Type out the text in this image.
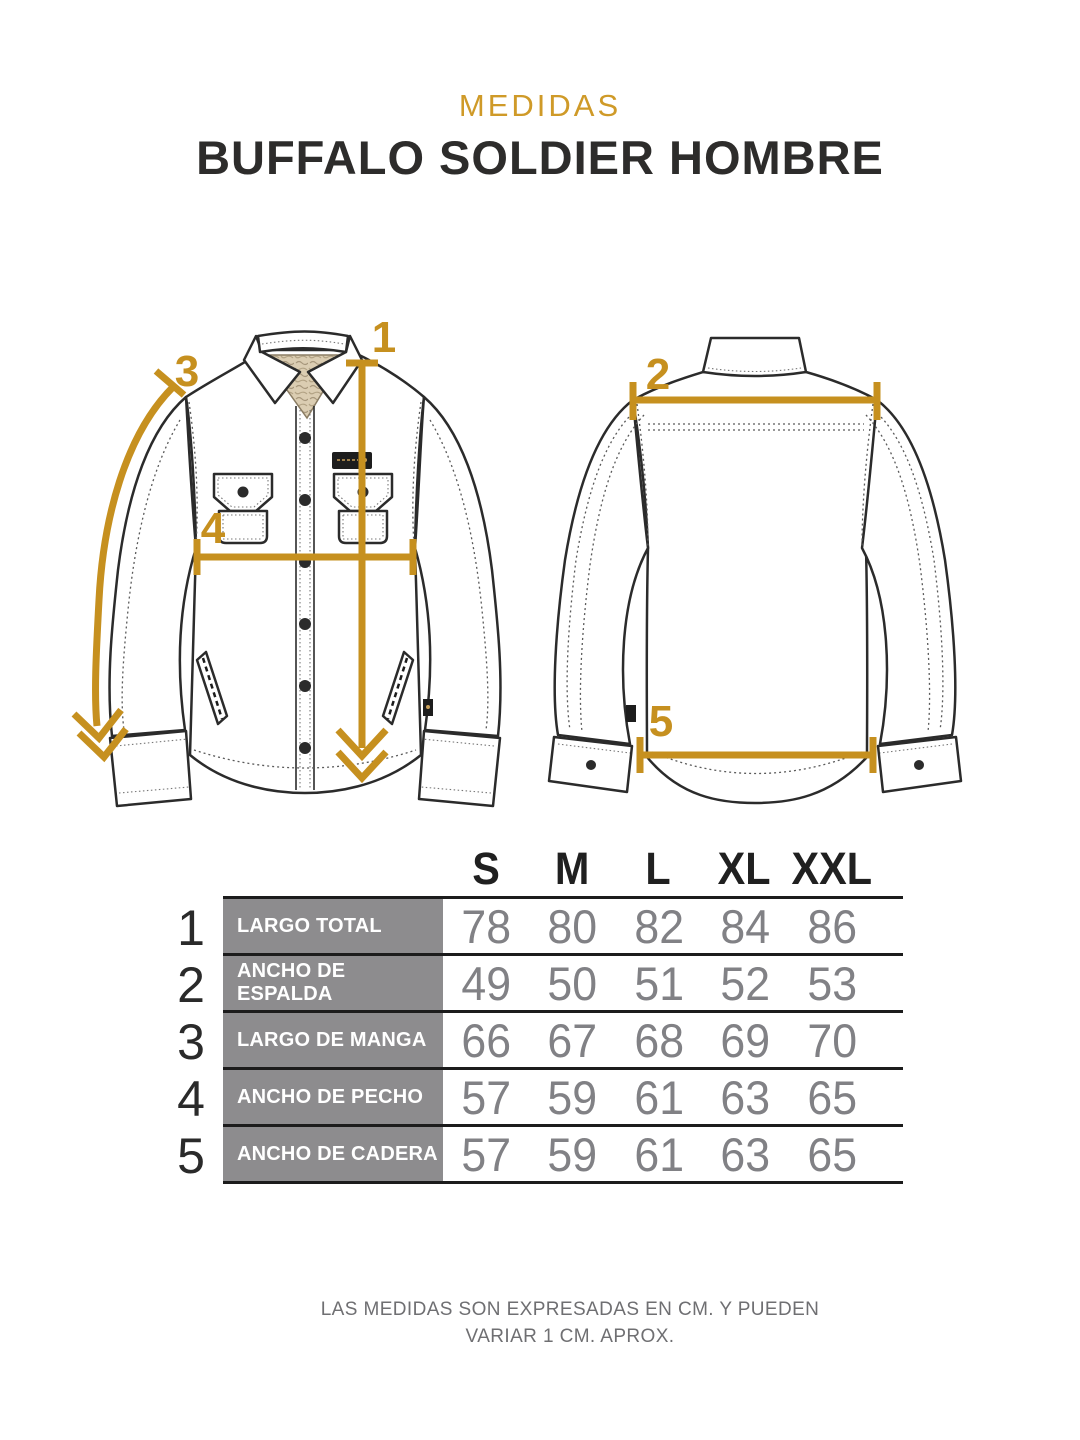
MEDIDAS
BUFFALO SOLDIER HOMBRE
1
3
4
2
5
S	M	L	XL XXL
1	LARGO TOTAL	78 80 82 84 86
2	ANCHO DE ESPALDA	49 50 51 52 53
3	LARGO DE MANGA 66 67 68 69 70
4	ANCHO DE PECHO 57 59 61 63 65
5	ANCHO DE CADERA 57 59 61 63 65
LAS MEDIDAS SON EXPRESADAS EN CM. Y PUEDEN
VARIAR 1 CM. APROX.
